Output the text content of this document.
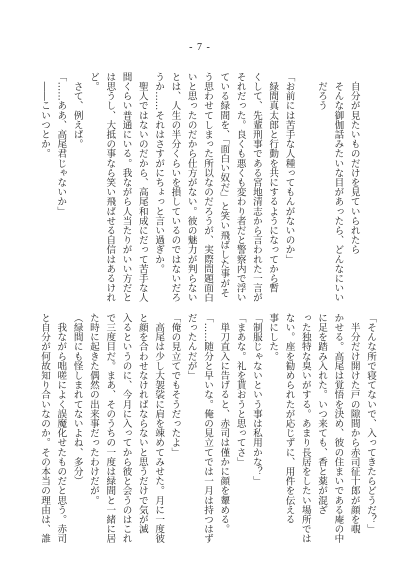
- 7 -
　自分が見たいものだけを見ていられたら
　そんな御伽話みたいな目があったら、どんなにいい
　だろう
「お前には苦手な人種ってもんがないのか」
　緑間真太郎と行動を共にするようになってから暫
くして、先輩刑事である宮地清志から言われた一言が
それだった。良くも悪くも変わり者だと警察内で浮い
ている緑間を、「面白い奴だ」と笑い飛ばした事がそ
う思わせてしまった所以なのだろうが、実際問題面白
いと思ったのだから仕方がない。彼の魅力が判らない
とは、人生の半分くらいを損しているのではないだろ
うか……それはさすがにちょっと言い過ぎか。
　聖人ではないのだから、高尾和成にだって苦手な人
間くらい普通にいる。我ながら人当たりがいい方だと
は思うし、大抵の事なら笑い飛ばせる自信はあるけれ
ど。
　さて、例えば。
「……ああ、高尾君じゃないか」
　――こいつとか。
「そんな所で寝てないで、入ってきたらどうだ？」
　半分だけ開けた戸の隙間から赤司征十郎が顔を覗
かせる。高尾は覚悟を決め、彼の住まいである庵の中
に足を踏み入れた。いつ来ても、香と薬が混ざ
った独特な臭いがする。あまり長居をしたい場所では
ない。座を勧められたが応じずに、用件を伝える
事にした。
「制服じゃないという事は私用かな？」
「まあな。礼を貰おうと思ってさ」
　単刀直入に告げると、赤司は僅かに顔を顰める。
「……随分と早いな。俺の見立てでは一月は持つはず
だったんだが」
「俺の見立てでもそうだったよ」
　高尾は少し大袈裟に肩を竦めてみせた。月に一度彼
と顔を合わせなければならないと思うだけで気が滅
入るというのに、今月に入ってから彼と会うのはこれ
で三度目だ。まあ、そのうちの一度は緑間と一緒に居
た時に起きた偶然の出来事だったわけだが。
（緑間にも怪しまれてないよね、多分）
　我ながら咄嗟によく誤魔化せたものだと思う。赤司
と自分が何故知り合いなのか。その本当の理由は、誰
